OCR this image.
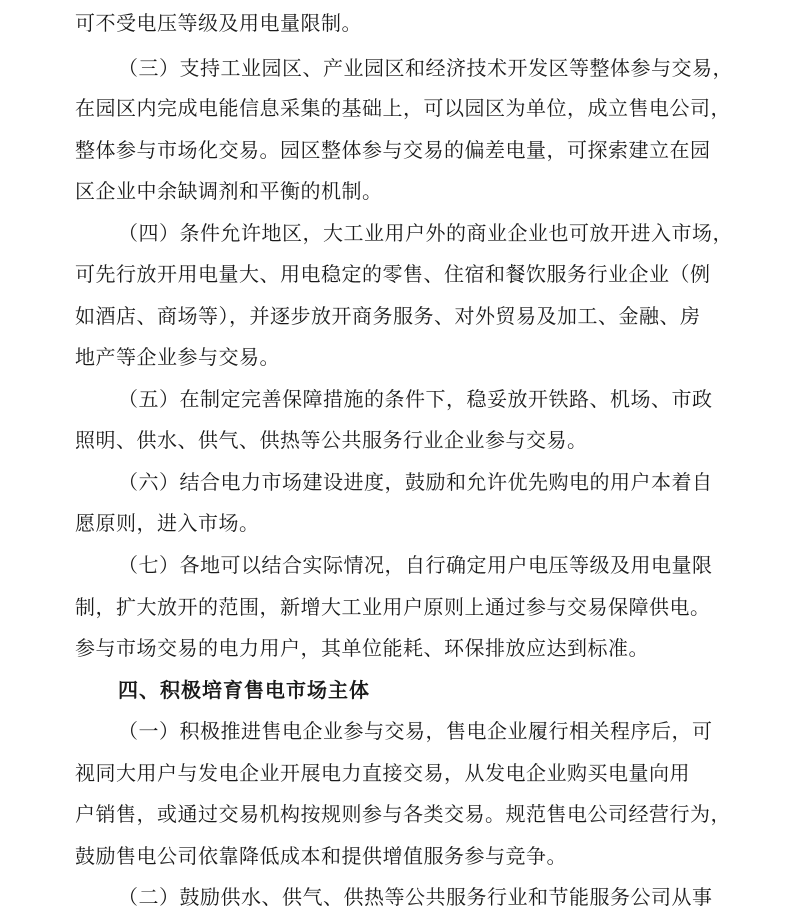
可不受电压等级及用电量限制。
（三）支持工业园区、产业园区和经济技术开发区等整体参与交易，
在园区内完成电能信息采集的基础上，可以园区为单位，成立售电公司，
整体参与市场化交易。园区整体参与交易的偏差电量，可探索建立在园
区企业中余缺调剂和平衡的机制。
（四）条件允许地区，大工业用户外的商业企业也可放开进入市场，
可先行放开用电量大、用电稳定的零售、住宿和餐饮服务行业企业（例
如酒店、商场等），并逐步放开商务服务、对外贸易及加工、金融、房
地产等企业参与交易。
（五）在制定完善保障措施的条件下，稳妥放开铁路、机场、市政
照明、供水、供气、供热等公共服务行业企业参与交易。
（六）结合电力市场建设进度，鼓励和允许优先购电的用户本着自
愿原则，进入市场。
（七）各地可以结合实际情况，自行确定用户电压等级及用电量限
制，扩大放开的范围，新增大工业用户原则上通过参与交易保障供电。
参与市场交易的电力用户，其单位能耗、环保排放应达到标准。
四、积极培育售电市场主体
（一）积极推进售电企业参与交易，售电企业履行相关程序后，可
视同大用户与发电企业开展电力直接交易，从发电企业购买电量向用
户销售，或通过交易机构按规则参与各类交易。规范售电公司经营行为，
鼓励售电公司依靠降低成本和提供增值服务参与竞争。
（二）鼓励供水、供气、供热等公共服务行业和节能服务公司从事
